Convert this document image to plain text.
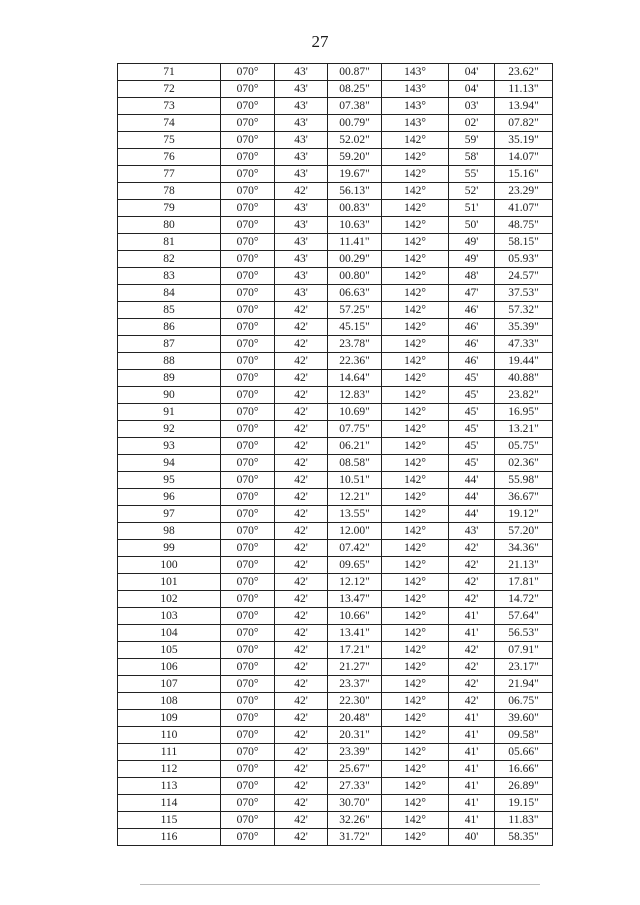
27
71	070°	43'	00.87"	143°	04'	23.62"
72	070°	43'	08.25"	143°	04'	11.13"
73	070°	43'	07.38"	143°	03'	13.94"
74	070°	43'	00.79"	143°	02'	07.82"
75	070°	43'	52.02"	142°	59'	35.19"
76	070°	43'	59.20"	142°	58'	14.07"
77	070°	43'	19.67"	142°	55'	15.16"
78	070°	42'	56.13"	142°	52'	23.29"
79	070°	43'	00.83"	142°	51'	41.07"
80	070°	43'	10.63"	142°	50'	48.75"
81	070°	43'	11.41"	142°	49'	58.15"
82	070°	43'	00.29"	142°	49'	05.93"
83	070°	43'	00.80"	142°	48'	24.57"
84	070°	43'	06.63"	142°	47'	37.53"
85	070°	42'	57.25"	142°	46'	57.32"
86	070°	42'	45.15"	142°	46'	35.39"
87	070°	42'	23.78"	142°	46'	47.33"
88	070°	42'	22.36"	142°	46'	19.44"
89	070°	42'	14.64"	142°	45'	40.88"
90	070°	42'	12.83"	142°	45'	23.82"
91	070°	42'	10.69"	142°	45'	16.95"
92	070°	42'	07.75"	142°	45'	13.21"
93	070°	42'	06.21"	142°	45'	05.75"
94	070°	42'	08.58"	142°	45'	02.36"
95	070°	42'	10.51"	142°	44'	55.98"
96	070°	42'	12.21"	142°	44'	36.67"
97	070°	42'	13.55"	142°	44'	19.12"
98	070°	42'	12.00"	142°	43'	57.20"
99	070°	42'	07.42"	142°	42'	34.36"
100	070°	42'	09.65"	142°	42'	21.13"
101	070°	42'	12.12"	142°	42'	17.81"
102	070°	42'	13.47"	142°	42'	14.72"
103	070°	42'	10.66"	142°	41'	57.64"
104	070°	42'	13.41"	142°	41'	56.53"
105	070°	42'	17.21"	142°	42'	07.91"
106	070°	42'	21.27"	142°	42'	23.17"
107	070°	42'	23.37"	142°	42'	21.94"
108	070°	42'	22.30"	142°	42'	06.75"
109	070°	42'	20.48"	142°	41'	39.60"
110	070°	42'	20.31"	142°	41'	09.58"
111	070°	42'	23.39"	142°	41'	05.66"
112	070°	42'	25.67"	142°	41'	16.66"
113	070°	42'	27.33"	142°	41'	26.89"
114	070°	42'	30.70"	142°	41'	19.15"
115	070°	42'	32.26"	142°	41'	11.83"
116	070°	42'	31.72"	142°	40'	58.35"
